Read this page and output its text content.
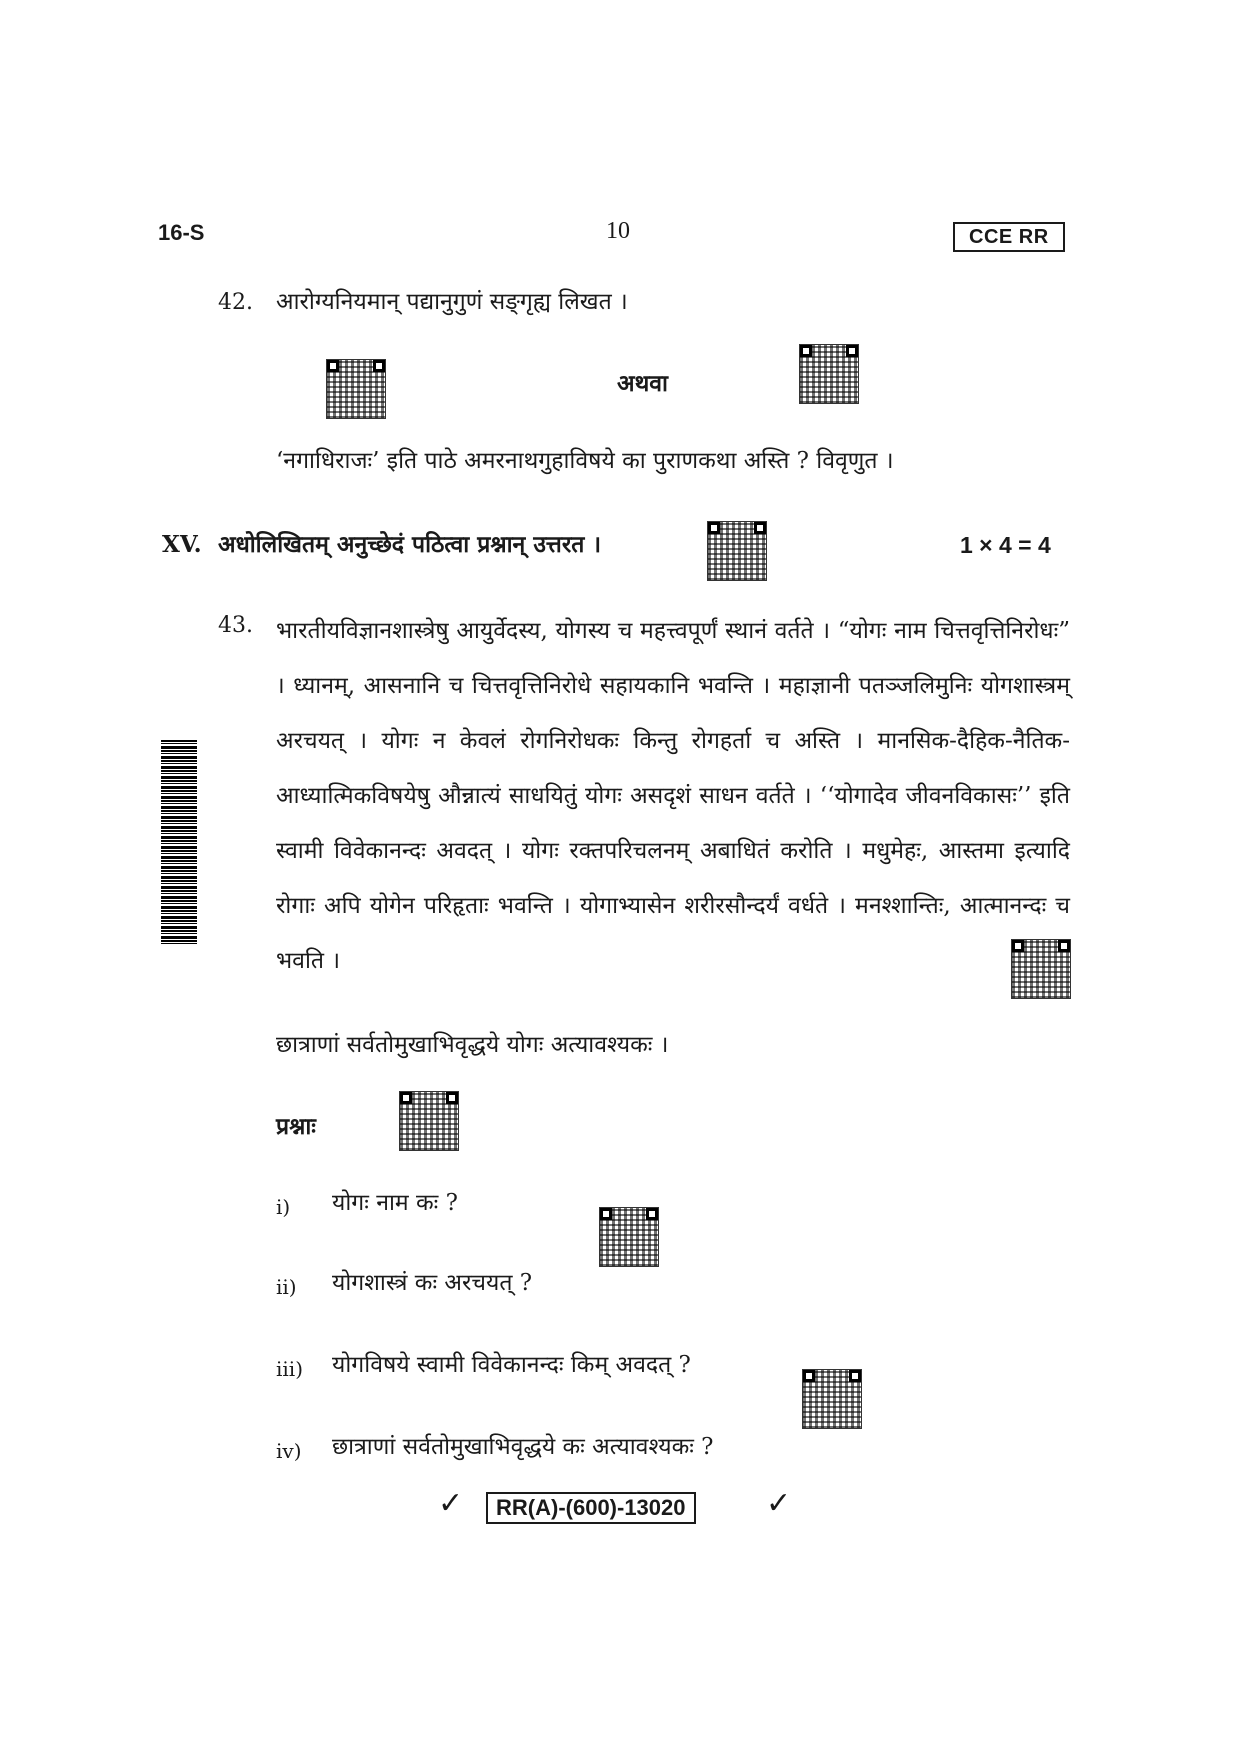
16-S	10	CCE RR
42. आरोग्यनियमान् पद्यानुगुणं सङ्गृह्य लिखत ।
अथवा
‘नगाधिराजः’ इति पाठे अमरनाथगुहाविषये का पुराणकथा अस्ति ? विवृणुत ।
XV. अधोलिखितम् अनुच्छेदं पठित्वा प्रश्नान् उत्तरत ।	1 × 4 = 4
43. भारतीयविज्ञानशास्त्रेषु आयुर्वेदस्य, योगस्य च महत्त्वपूर्णं स्थानं वर्तते । “योगः नाम चित्तवृत्तिनिरोधः” । ध्यानम्, आसनानि च चित्तवृत्तिनिरोधे सहायकानि भवन्ति । महाज्ञानी पतञ्जलिमुनिः योगशास्त्रम् अरचयत् । योगः न केवलं रोगनिरोधकः किन्तु रोगहर्ता च अस्ति । मानसिक-दैहिक-नैतिक-आध्यात्मिकविषयेषु औन्नात्यं साधयितुं योगः असदृशं साधन वर्तते । ‘‘योगादेव जीवनविकासः’’ इति स्वामी विवेकानन्दः अवदत् । योगः रक्तपरिचलनम् अबाधितं करोति । मधुमेहः, आस्तमा इत्यादि रोगाः अपि योगेन परिहृताः भवन्ति । योगाभ्यासेन शरीरसौन्दर्यं वर्धते । मनश्शान्तिः, आत्मानन्दः च भवति ।

छात्राणां सर्वतोमुखाभिवृद्धये योगः अत्यावश्यकः ।
प्रश्नाः
i) योगः नाम कः ?
ii) योगशास्त्रं कः अरचयत् ?
iii) योगविषये स्वामी विवेकानन्दः किम् अवदत् ?
iv) छात्राणां सर्वतोमुखाभिवृद्धये कः अत्यावश्यकः ?
✓	RR(A)-(600)-13020	✓
